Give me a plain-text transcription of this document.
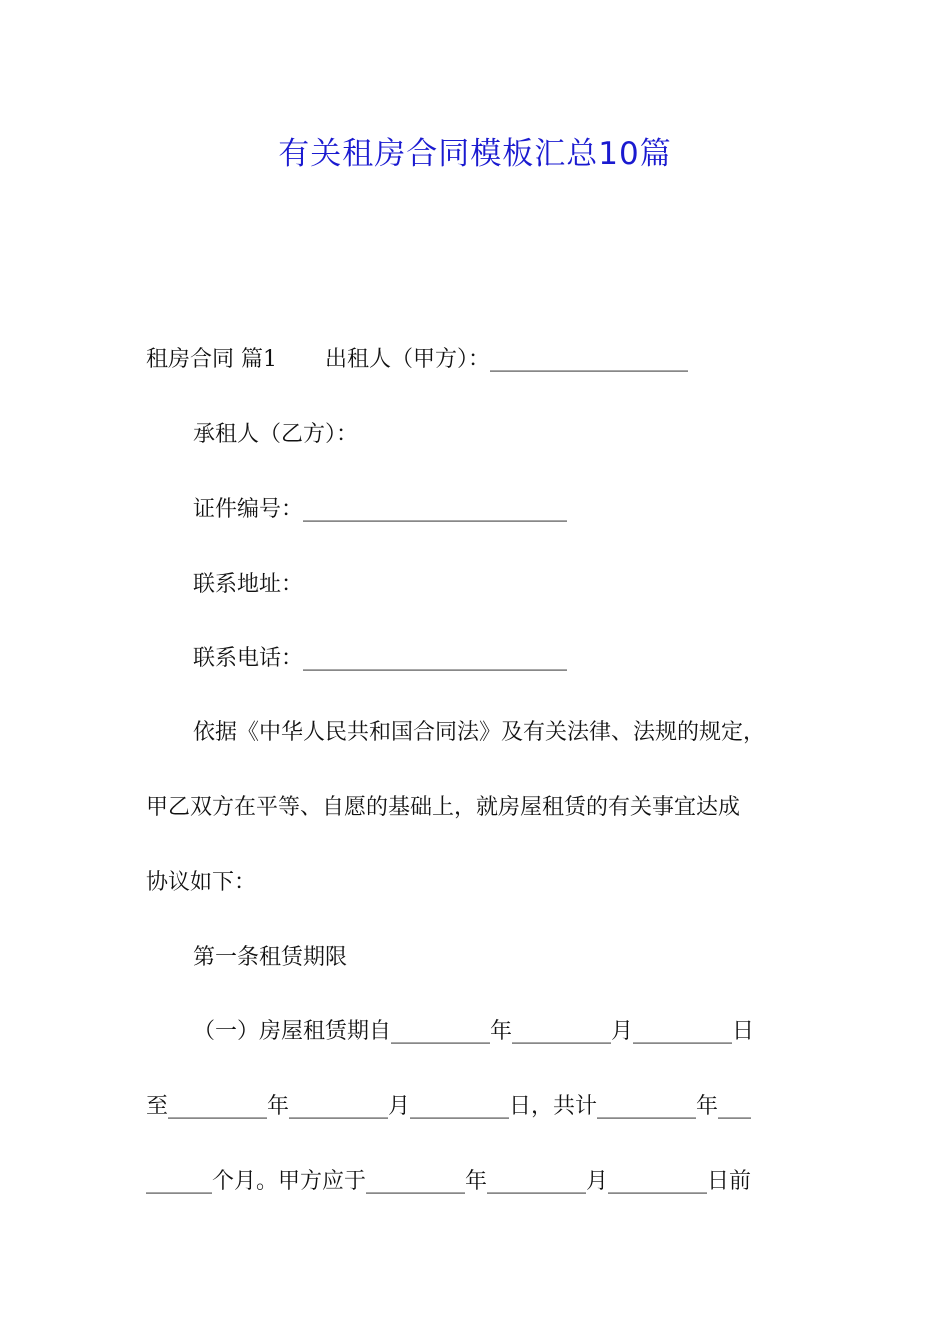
有关租房合同模板汇总10篇

租房合同 篇1 出租人（甲方）：__________________

承租人（乙方）：

证件编号：________________________

联系地址：

联系电话：________________________

依据《中华人民共和国合同法》及有关法律、法规的规定，

甲乙双方在平等、自愿的基础上，就房屋租赁的有关事宜达成

协议如下：

第一条租赁期限

（一）房屋租赁期自_________年_________月_________日

至_________年_________月_________日，共计_________年___

______个月。甲方应于_________年_________月_________日前
